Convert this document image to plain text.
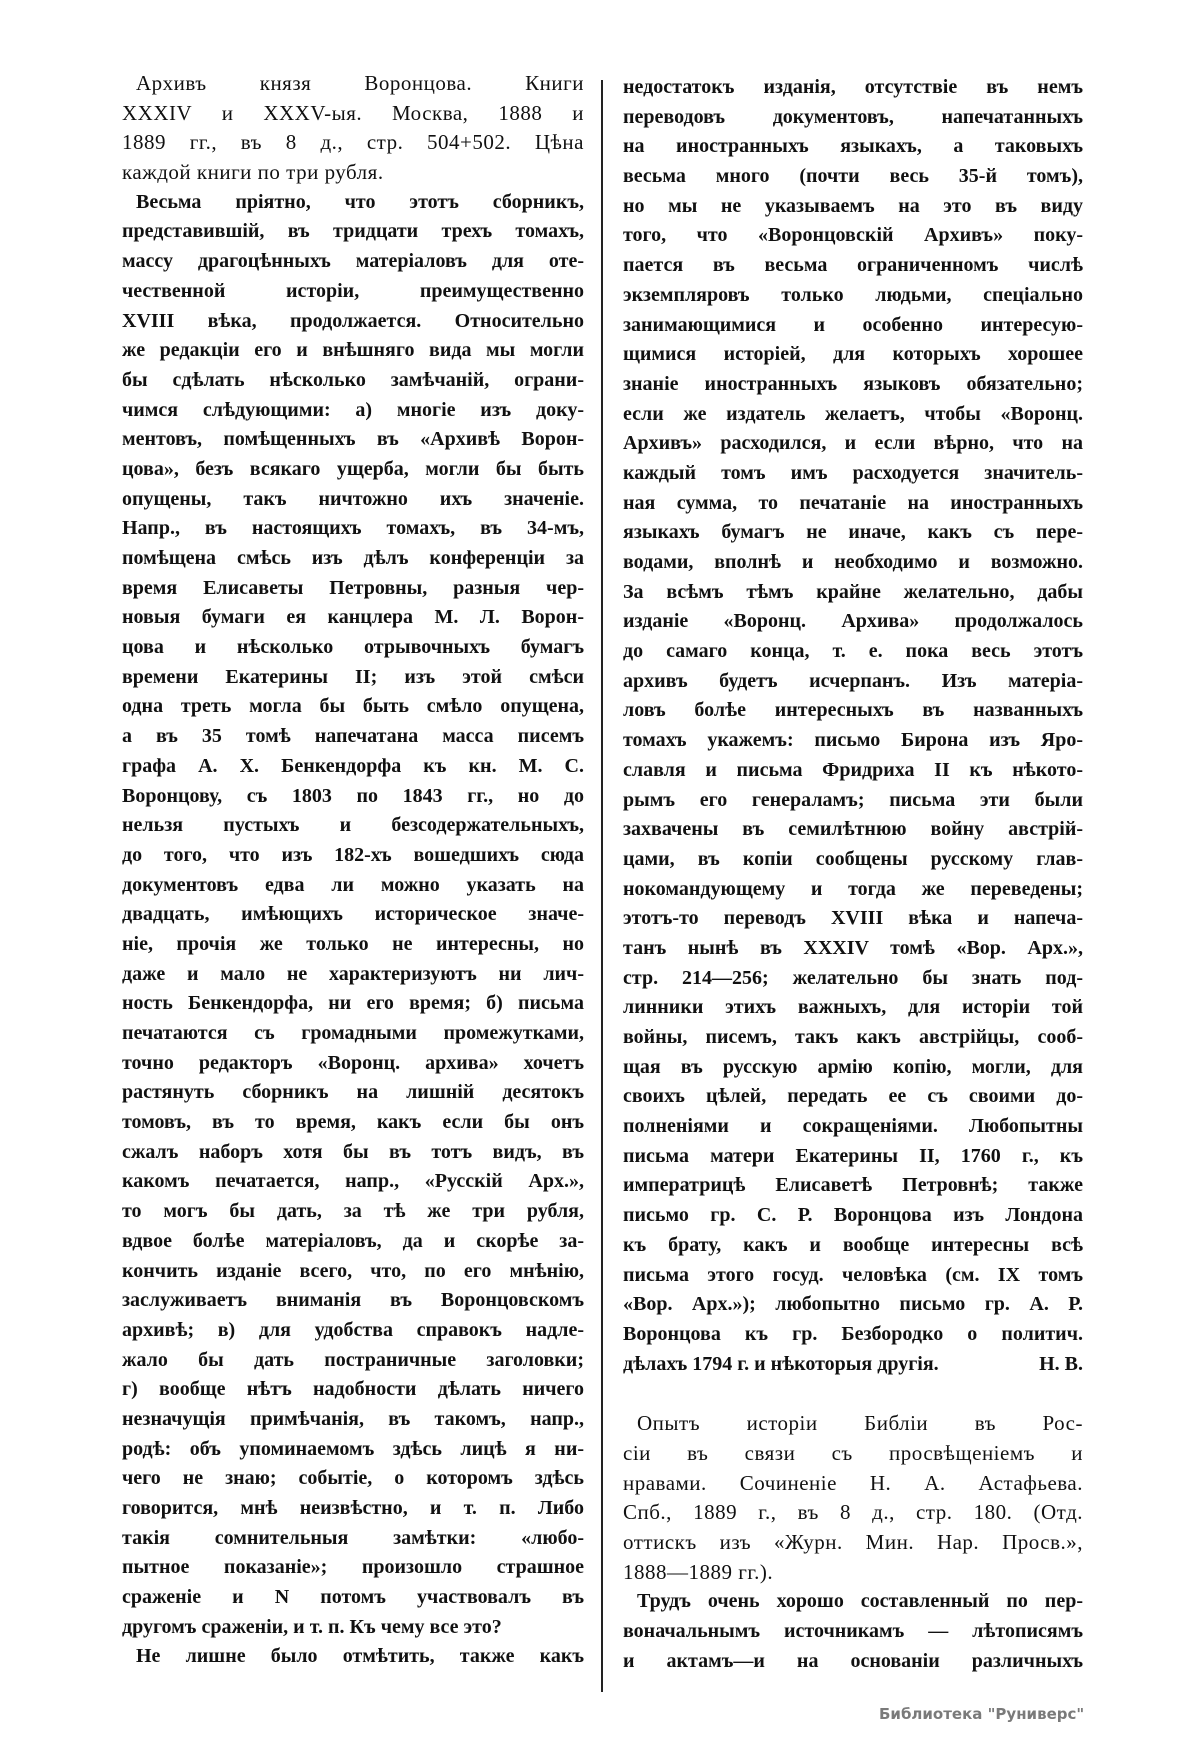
Архивъ князя Воронцова. Книги
XXXIV и XXXV-ыя. Москва, 1888 и
1889 гг., въ 8 д., стр. 504+502. Цѣна
каждой книги по три рубля.
Весьма пріятно, что этотъ сборникъ,
представившій, въ тридцати трехъ томахъ,
массу драгоцѣнныхъ матеріаловъ для оте-
чественной исторіи, преимущественно
XVIII вѣка, продолжается. Относительно
же редакціи его и внѣшняго вида мы могли
бы сдѣлать нѣсколько замѣчаній, ограни-
чимся слѣдующими: а) многіе изъ доку-
ментовъ, помѣщенныхъ въ «Архивѣ Ворон-
цова», безъ всякаго ущерба, могли бы быть
опущены, такъ ничтожно ихъ значеніе.
Напр., въ настоящихъ томахъ, въ 34-мъ,
помѣщена смѣсь изъ дѣлъ конференціи за
время Елисаветы Петровны, разныя чер-
новыя бумаги ея канцлера М. Л. Ворон-
цова и нѣсколько отрывочныхъ бумагъ
времени Екатерины II; изъ этой смѣси
одна треть могла бы быть смѣло опущена,
а въ 35 томѣ напечатана масса писемъ
графа А. Х. Бенкендорфа къ кн. М. С.
Воронцову, съ 1803 по 1843 гг., но до
нельзя пустыхъ и безсодержательныхъ,
до того, что изъ 182-хъ вошедшихъ сюда
документовъ едва ли можно указать на
двадцать, имѣющихъ историческое значе-
ніе, прочія же только не интересны, но
даже и мало не характеризуютъ ни лич-
ность Бенкендорфа, ни его время; б) письма
печатаются съ громадными промежутками,
точно редакторъ «Воронц. архива» хочетъ
растянуть сборникъ на лишній десятокъ
томовъ, въ то время, какъ если бы онъ
сжалъ наборъ хотя бы въ тотъ видъ, въ
какомъ печатается, напр., «Русскій Арх.»,
то могъ бы дать, за тѣ же три рубля,
вдвое болѣе матеріаловъ, да и скорѣе за-
кончить изданіе всего, что, по его мнѣнію,
заслуживаетъ вниманія въ Воронцовскомъ
архивѣ; в) для удобства справокъ надле-
жало бы дать постраничные заголовки;
г) вообще нѣтъ надобности дѣлать ничего
незначущія примѣчанія, въ такомъ, напр.,
родѣ: объ упоминаемомъ здѣсь лицѣ я ни-
чего не знаю; событіе, о которомъ здѣсь
говорится, мнѣ неизвѣстно, и т. п. Либо
такія сомнительныя замѣтки: «любо-
пытное показаніе»; произошло страшное
сраженіе и N потомъ участвовалъ въ
другомъ сраженіи, и т. п. Къ чему все это?
Не лишне было отмѣтить, также какъ
недостатокъ изданія, отсутствіе въ немъ
переводовъ документовъ, напечатанныхъ
на иностранныхъ языкахъ, а таковыхъ
весьма много (почти весь 35-й томъ),
но мы не указываемъ на это въ виду
того, что «Воронцовскій Архивъ» поку-
пается въ весьма ограниченномъ числѣ
экземпляровъ только людьми, спеціально
занимающимися и особенно интересую-
щимися исторіей, для которыхъ хорошее
знаніе иностранныхъ языковъ обязательно;
если же издатель желаетъ, чтобы «Воронц.
Архивъ» расходился, и если вѣрно, что на
каждый томъ имъ расходуется значитель-
ная сумма, то печатаніе на иностранныхъ
языкахъ бумагъ не иначе, какъ съ пере-
водами, вполнѣ и необходимо и возможно.
За всѣмъ тѣмъ крайне желательно, дабы
изданіе «Воронц. Архива» продолжалось
до самаго конца, т. е. пока весь этотъ
архивъ будетъ исчерпанъ. Изъ матеріа-
ловъ болѣе интересныхъ въ названныхъ
томахъ укажемъ: письмо Бирона изъ Яро-
славля и письма Фридриха II къ нѣкото-
рымъ его генераламъ; письма эти были
захвачены въ семилѣтнюю войну австрій-
цами, въ копіи сообщены русскому глав-
нокомандующему и тогда же переведены;
этотъ-то переводъ XVIII вѣка и напеча-
танъ нынѣ въ XXXIV томѣ «Вор. Арх.»,
стр. 214—256; желательно бы знать под-
линники этихъ важныхъ, для исторіи той
войны, писемъ, такъ какъ австрійцы, сооб-
щая въ русскую армію копію, могли, для
своихъ цѣлей, передать ее съ своими до-
полненіями и сокращеніями. Любопытны
письма матери Екатерины II, 1760 г., къ
императрицѣ Елисаветѣ Петровнѣ; также
письмо гр. С. Р. Воронцова изъ Лондона
къ брату, какъ и вообще интересны всѣ
письма этого госуд. человѣка (см. IX томъ
«Вор. Арх.»); любопытно письмо гр. А. Р.
Воронцова къ гр. Безбородко о политич.
дѣлахъ 1794 г. и нѣкоторыя другія.	Н. В.
Опытъ исторіи Библіи въ Рос-
сіи въ связи съ просвѣщеніемъ и
нравами. Сочиненіе Н. А. Астафьева.
Спб., 1889 г., въ 8 д., стр. 180. (Отд.
оттискъ изъ «Журн. Мин. Нар. Просв.»,
1888—1889 гг.).
Трудъ очень хорошо составленный по пер-
воначальнымъ источникамъ — лѣтописямъ
и актамъ—и на основаніи различныхъ
Библиотека "Руниверс"
